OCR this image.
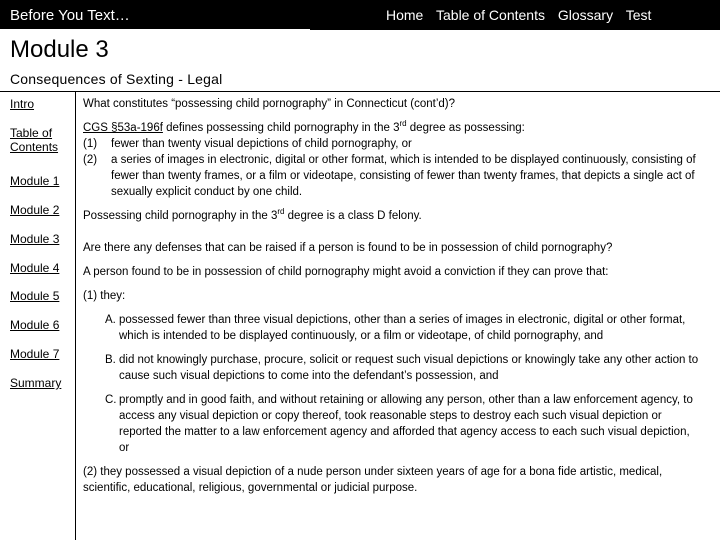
Before You Text…	Home Table of Contents Glossary Test
Module 3
Consequences of Sexting - Legal
Intro
Table of Contents
Module 1
Module 2
Module 3
Module 4
Module 5
Module 6
Module 7
Summary

What constitutes “possessing child pornography” in Connecticut (cont’d)?

CGS §53a-196f defines possessing child pornography in the 3rd degree as possessing:

(1)	fewer than twenty visual depictions of child pornography, or
(2)	a series of images in electronic, digital or other format, which is intended to be displayed continuously, consisting of fewer than twenty frames, or a film or videotape, consisting of fewer than twenty frames, that depicts a single act of sexually explicit conduct by one child.

Possessing child pornography in the 3rd degree is a class D felony.

Are there any defenses that can be raised if a person is found to be in possession of child pornography?

A person found to be in possession of child pornography might avoid a conviction if they can prove that:

(1) they:

A. possessed fewer than three visual depictions, other than a series of images in electronic, digital or other format, which is intended to be displayed continuously, or a film or videotape, of child pornography, and
B. did not knowingly purchase, procure, solicit or request such visual depictions or knowingly take any other action to cause such visual depictions to come into the defendant’s possession, and
C. promptly and in good faith, and without retaining or allowing any person, other than a law enforcement agency, to access any visual depiction or copy thereof, took reasonable steps to destroy each such visual depiction or reported the matter to a law enforcement agency and afforded that agency access to each such visual depiction, or

(2) they possessed a visual depiction of a nude person under sixteen years of age for a bona fide artistic, medical, scientific, educational, religious, governmental or judicial purpose.
